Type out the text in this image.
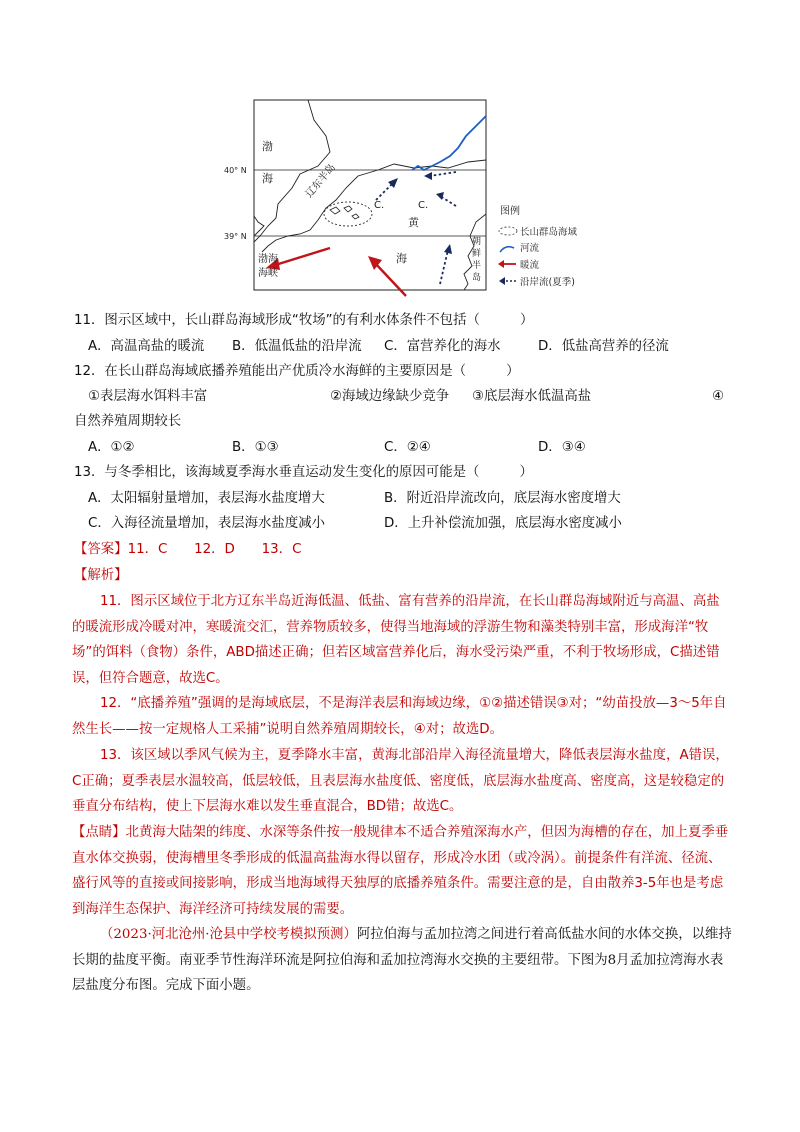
渤
海
40° N
39° N
辽东半岛
C.	C.
黄
海
朝
鲜
半
岛
渤海
海峡
图例
长山群岛海域
河流
暖流
沿岸流(夏季)
11．图示区域中，长山群岛海域形成“牧场”的有利水体条件不包括（　　　）
A．高温高盐的暖流 B．低温低盐的沿岸流 C．富营养化的海水	D．低盐高营养的径流
12．在长山群岛海域底播养殖能出产优质冷水海鲜的主要原因是（　　　）
①表层海水饵料丰富	②海域边缘缺少竞争 ③底层海水低温高盐	④
自然养殖周期较长
A．①②	B．①③	C．②④	D．③④
13．与冬季相比，该海域夏季海水垂直运动发生变化的原因可能是（　　　）
A．太阳辐射量增加，表层海水盐度增大	B．附近沿岸流改向，底层海水密度增大
C．入海径流量增加，表层海水盐度减小	D．上升补偿流加强，底层海水密度减小
【答案】11．C　　12．D　　13．C
【解析】
11．图示区域位于北方辽东半岛近海低温、低盐、富有营养的沿岸流，在长山群岛海域附近与高温、高盐的暖流形成冷暖对冲，寒暖流交汇，营养物质较多，使得当地海域的浮游生物和藻类特别丰富，形成海洋“牧场”的饵料（食物）条件，ABD描述正确；但若区域富营养化后，海水受污染严重，不利于牧场形成，C描述错误，但符合题意，故选C。
12．“底播养殖”强调的是海域底层，不是海洋表层和海域边缘，①②描述错误③对；“幼苗投放—3～5年自然生长——按一定规格人工采捕”说明自然养殖周期较长，④对；故选D。
13．该区域以季风气候为主，夏季降水丰富，黄海北部沿岸入海径流量增大，降低表层海水盐度，A错误，C正确；夏季表层水温较高，低层较低，且表层海水盐度低、密度低，底层海水盐度高、密度高，这是较稳定的垂直分布结构，使上下层海水难以发生垂直混合，BD错；故选C。
【点睛】北黄海大陆架的纬度、水深等条件按一般规律本不适合养殖深海水产，但因为海槽的存在，加上夏季垂直水体交换弱，使海槽里冬季形成的低温高盐海水得以留存，形成冷水团（或冷涡）。前提条件有洋流、径流、盛行风等的直接或间接影响，形成当地海域得天独厚的底播养殖条件。需要注意的是，自由散养3-5年也是考虑到海洋生态保护、海洋经济可持续发展的需要。
（2023·河北沧州·沧县中学校考模拟预测）阿拉伯海与孟加拉湾之间进行着高低盐水间的水体交换，以维持长期的盐度平衡。南亚季节性海洋环流是阿拉伯海和孟加拉湾海水交换的主要纽带。下图为8月孟加拉湾海水表层盐度分布图。完成下面小题。
